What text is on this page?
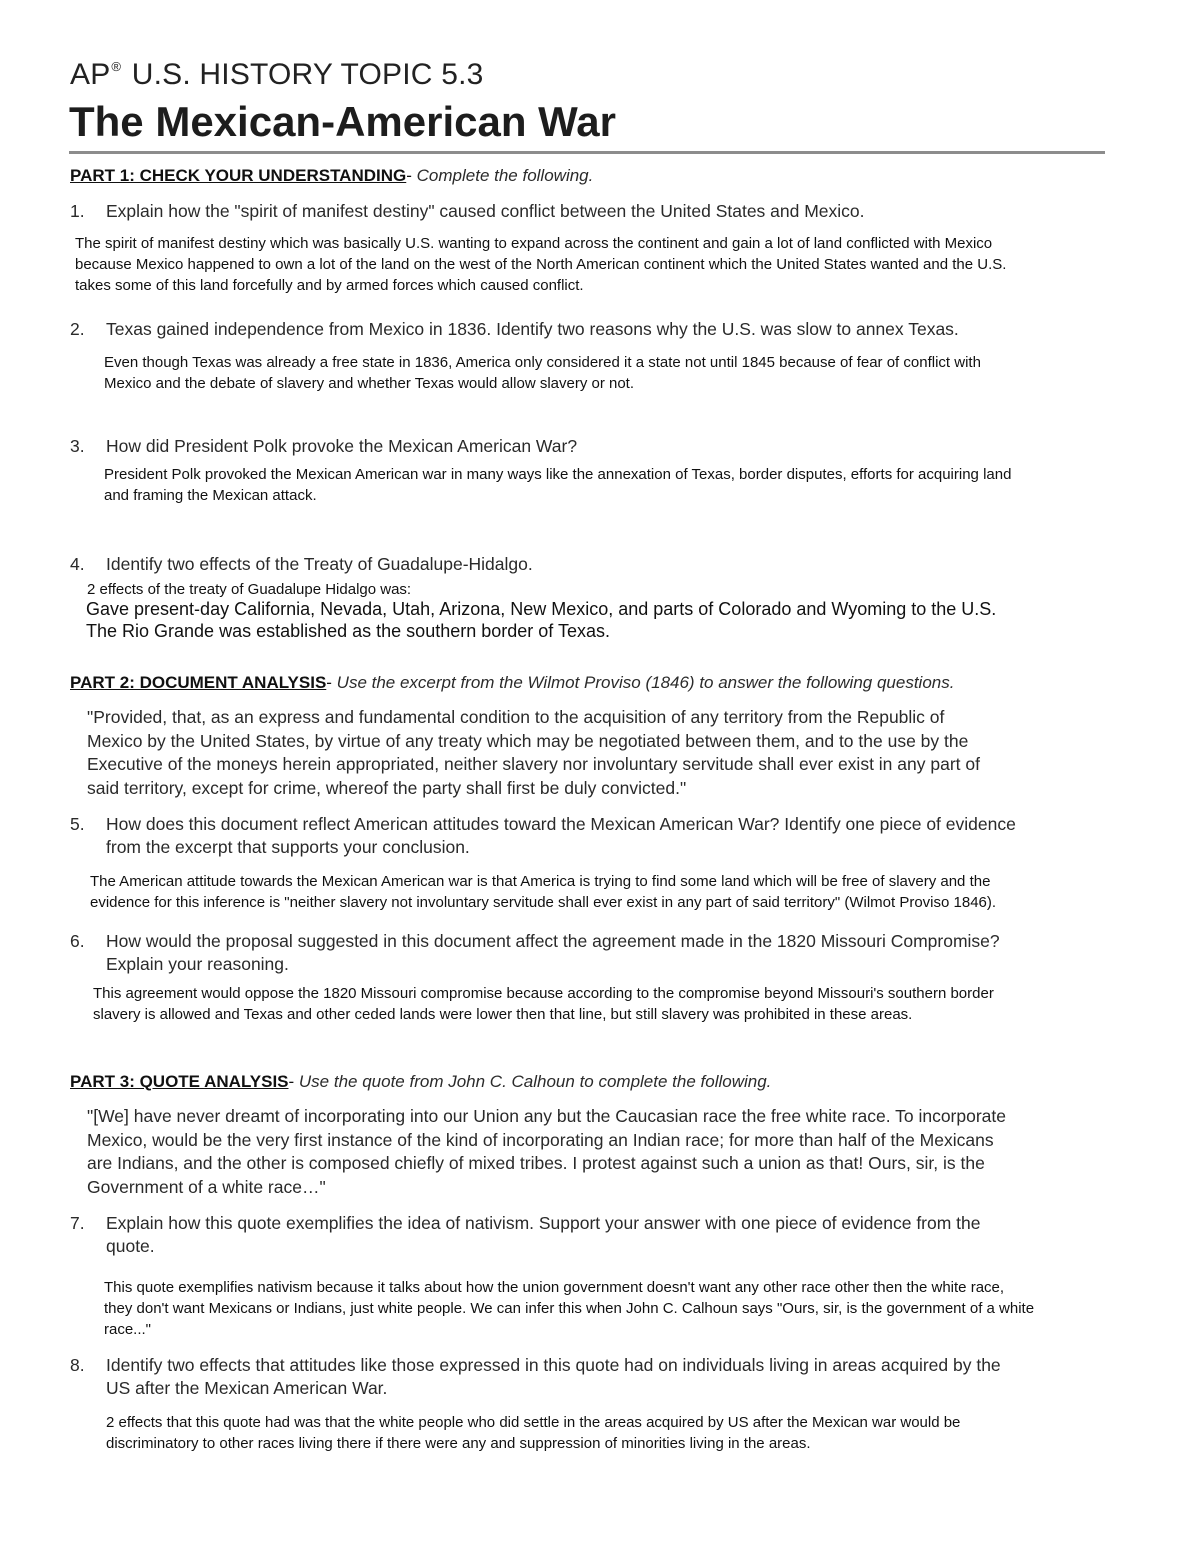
AP® U.S. HISTORY TOPIC 5.3
The Mexican-American War
PART 1: CHECK YOUR UNDERSTANDING- Complete the following.
1. Explain how the "spirit of manifest destiny" caused conflict between the United States and Mexico.
The spirit of manifest destiny which was basically U.S. wanting to expand across the continent and gain a lot of land conflicted with Mexico
because Mexico happened to own a lot of the land on the west of the North American continent which the United States wanted and the U.S.
takes some of this land forcefully and by armed forces which caused conflict.
2. Texas gained independence from Mexico in 1836. Identify two reasons why the U.S. was slow to annex Texas.
Even though Texas was already a free state in 1836, America only considered it a state not until 1845 because of fear of conflict with
Mexico and the debate of slavery and whether Texas would allow slavery or not.
3. How did President Polk provoke the Mexican American War?
President Polk provoked the Mexican American war in many ways like the annexation of Texas, border disputes, efforts for acquiring land
and framing the Mexican attack.
4. Identify two effects of the Treaty of Guadalupe-Hidalgo.
2 effects of the treaty of Guadalupe Hidalgo was:
Gave present-day California, Nevada, Utah, Arizona, New Mexico, and parts of Colorado and Wyoming to the U.S.
The Rio Grande was established as the southern border of Texas.
PART 2: DOCUMENT ANALYSIS- Use the excerpt from the Wilmot Proviso (1846) to answer the following questions.
"Provided, that, as an express and fundamental condition to the acquisition of any territory from the Republic of
Mexico by the United States, by virtue of any treaty which may be negotiated between them, and to the use by the
Executive of the moneys herein appropriated, neither slavery nor involuntary servitude shall ever exist in any part of
said territory, except for crime, whereof the party shall first be duly convicted."
5. How does this document reflect American attitudes toward the Mexican American War? Identify one piece of evidence
from the excerpt that supports your conclusion.
The American attitude towards the Mexican American war is that America is trying to find some land which will be free of slavery and the
evidence for this inference is "neither slavery not involuntary servitude shall ever exist in any part of said territory" (Wilmot Proviso 1846).
6. How would the proposal suggested in this document affect the agreement made in the 1820 Missouri Compromise?
Explain your reasoning.
This agreement would oppose the 1820 Missouri compromise because according to the compromise beyond Missouri's southern border
slavery is allowed and Texas and other ceded lands were lower then that line, but still slavery was prohibited in these areas.
PART 3: QUOTE ANALYSIS- Use the quote from John C. Calhoun to complete the following.
"[We] have never dreamt of incorporating into our Union any but the Caucasian race the free white race. To incorporate
Mexico, would be the very first instance of the kind of incorporating an Indian race; for more than half of the Mexicans
are Indians, and the other is composed chiefly of mixed tribes. I protest against such a union as that! Ours, sir, is the
Government of a white race…"
7. Explain how this quote exemplifies the idea of nativism. Support your answer with one piece of evidence from the
quote.
This quote exemplifies nativism because it talks about how the union government doesn't want any other race other then the white race,
they don't want Mexicans or Indians, just white people. We can infer this when John C. Calhoun says "Ours, sir, is the government of a white
race..."
8. Identify two effects that attitudes like those expressed in this quote had on individuals living in areas acquired by the
US after the Mexican American War.
2 effects that this quote had was that the white people who did settle in the areas acquired by US after the Mexican war would be
discriminatory to other races living there if there were any and suppression of minorities living in the areas.
